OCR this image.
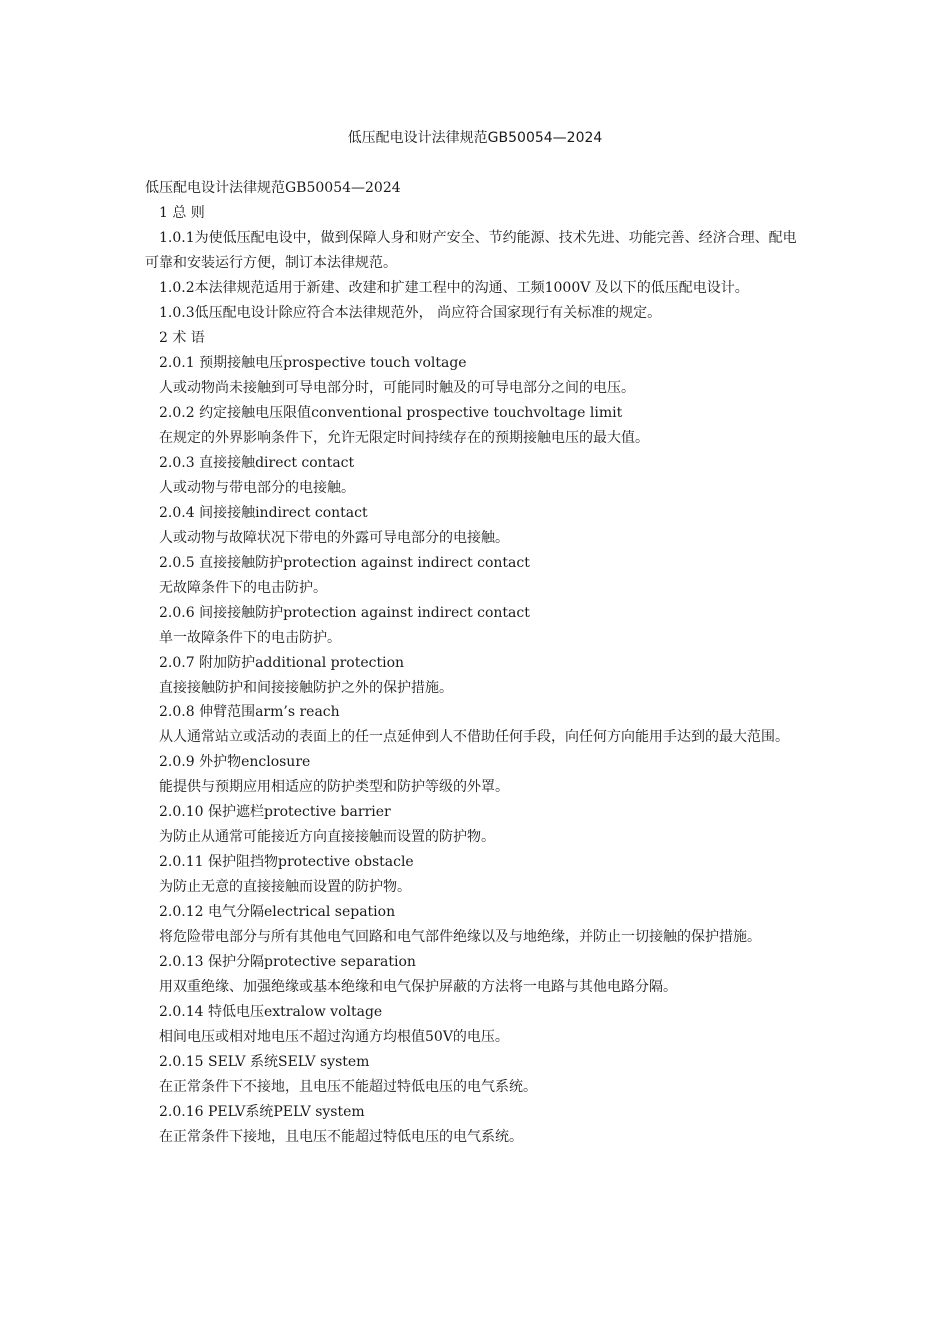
低压配电设计法律规范GB50054—2024

低压配电设计法律规范GB50054—2024

1 总 则

1.0.1为使低压配电设中，做到保障人身和财产安全、节约能源、技术先进、功能完善、经济合理、配电可靠和安装运行方便，制订本法律规范。

1.0.2本法律规范适用于新建、改建和扩建工程中的沟通、工频1000V 及以下的低压配电设计。

1.0.3低压配电设计除应符合本法律规范外， 尚应符合国家现行有关标准的规定。

2 术 语

2.0.1 预期接触电压prospective touch voltage

人或动物尚未接触到可导电部分时，可能同时触及的可导电部分之间的电压。

2.0.2 约定接触电压限值conventional prospective touchvoltage limit

在规定的外界影响条件下，允许无限定时间持续存在的预期接触电压的最大值。

2.0.3 直接接触direct contact

人或动物与带电部分的电接触。

2.0.4 间接接触indirect contact

人或动物与故障状况下带电的外露可导电部分的电接触。

2.0.5 直接接触防护protection against indirect contact

无故障条件下的电击防护。

2.0.6 间接接触防护protection against indirect contact

单一故障条件下的电击防护。

2.0.7 附加防护additional protection

直接接触防护和间接接触防护之外的保护措施。

2.0.8 伸臂范围arm’s reach

从人通常站立或活动的表面上的任一点延伸到人不借助任何手段，向任何方向能用手达到的最大范围。

2.0.9 外护物enclosure

能提供与预期应用相适应的防护类型和防护等级的外罩。

2.0.10 保护遮栏protective barrier

为防止从通常可能接近方向直接接触而设置的防护物。

2.0.11 保护阻挡物protective obstacle

为防止无意的直接接触而设置的防护物。

2.0.12 电气分隔electrical sepation

将危险带电部分与所有其他电气回路和电气部件绝缘以及与地绝缘，并防止一切接触的保护措施。

2.0.13 保护分隔protective separation

用双重绝缘、加强绝缘或基本绝缘和电气保护屏蔽的方法将一电路与其他电路分隔。

2.0.14 特低电压extralow voltage

相间电压或相对地电压不超过沟通方均根值50V的电压。

2.0.15 SELV 系统SELV system

在正常条件下不接地，且电压不能超过特低电压的电气系统。

2.0.16 PELV系统PELV system

在正常条件下接地，且电压不能超过特低电压的电气系统。
